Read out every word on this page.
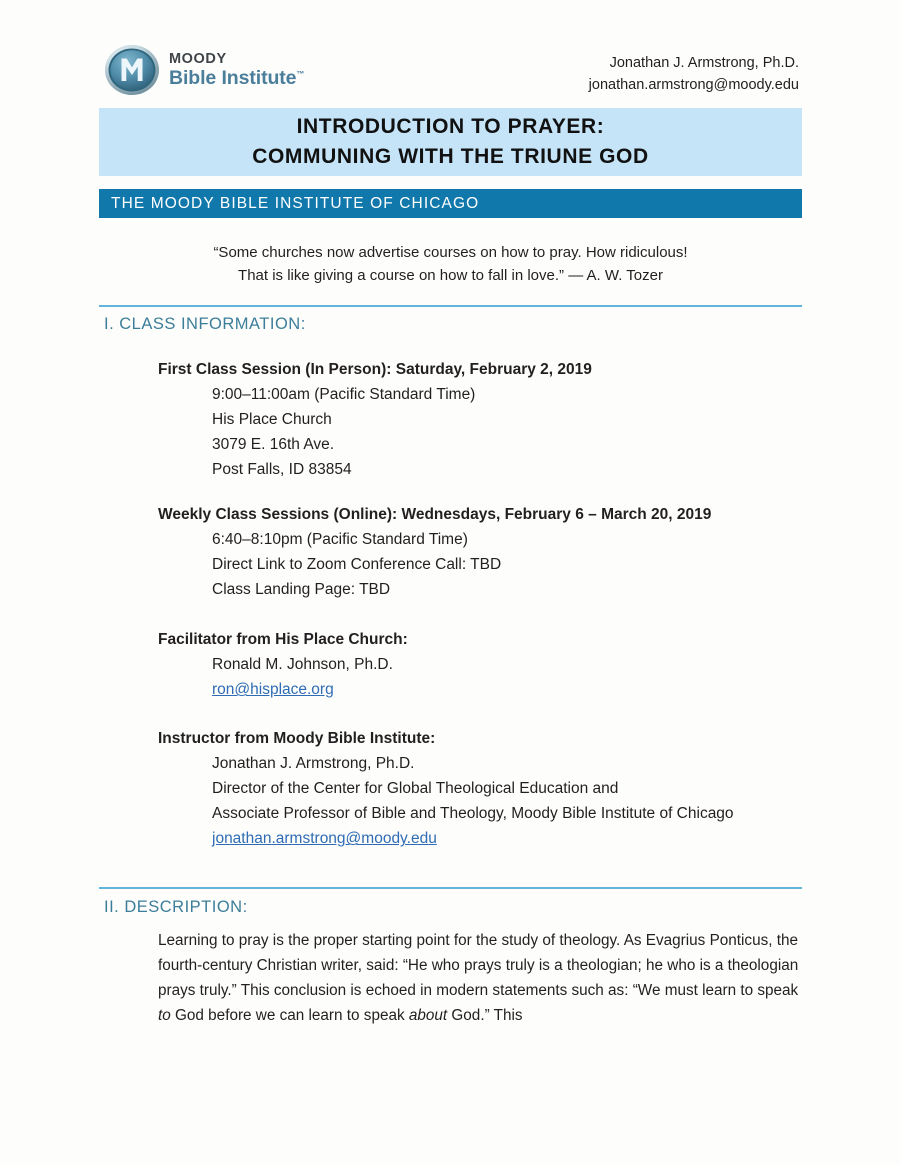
MOODY
Bible Institute™
Jonathan J. Armstrong, Ph.D.
jonathan.armstrong@moody.edu
INTRODUCTION TO PRAYER:
COMMUNING WITH THE TRIUNE GOD
THE MOODY BIBLE INSTITUTE OF CHICAGO
“Some churches now advertise courses on how to pray. How ridiculous!
That is like giving a course on how to fall in love.” — A. W. Tozer
I. CLASS INFORMATION:
First Class Session (In Person): Saturday, February 2, 2019
9:00–11:00am (Pacific Standard Time)
His Place Church
3079 E. 16th Ave.
Post Falls, ID 83854
Weekly Class Sessions (Online): Wednesdays, February 6 – March 20, 2019
6:40–8:10pm (Pacific Standard Time)
Direct Link to Zoom Conference Call: TBD
Class Landing Page: TBD
Facilitator from His Place Church:
Ronald M. Johnson, Ph.D.
ron@hisplace.org
Instructor from Moody Bible Institute:
Jonathan J. Armstrong, Ph.D.
Director of the Center for Global Theological Education and
Associate Professor of Bible and Theology, Moody Bible Institute of Chicago
jonathan.armstrong@moody.edu
II. DESCRIPTION:
Learning to pray is the proper starting point for the study of theology. As Evagrius Ponticus, the fourth-century Christian writer, said: “He who prays truly is a theologian; he who is a theologian prays truly.” This conclusion is echoed in modern statements such as: “We must learn to speak to God before we can learn to speak about God.” This
